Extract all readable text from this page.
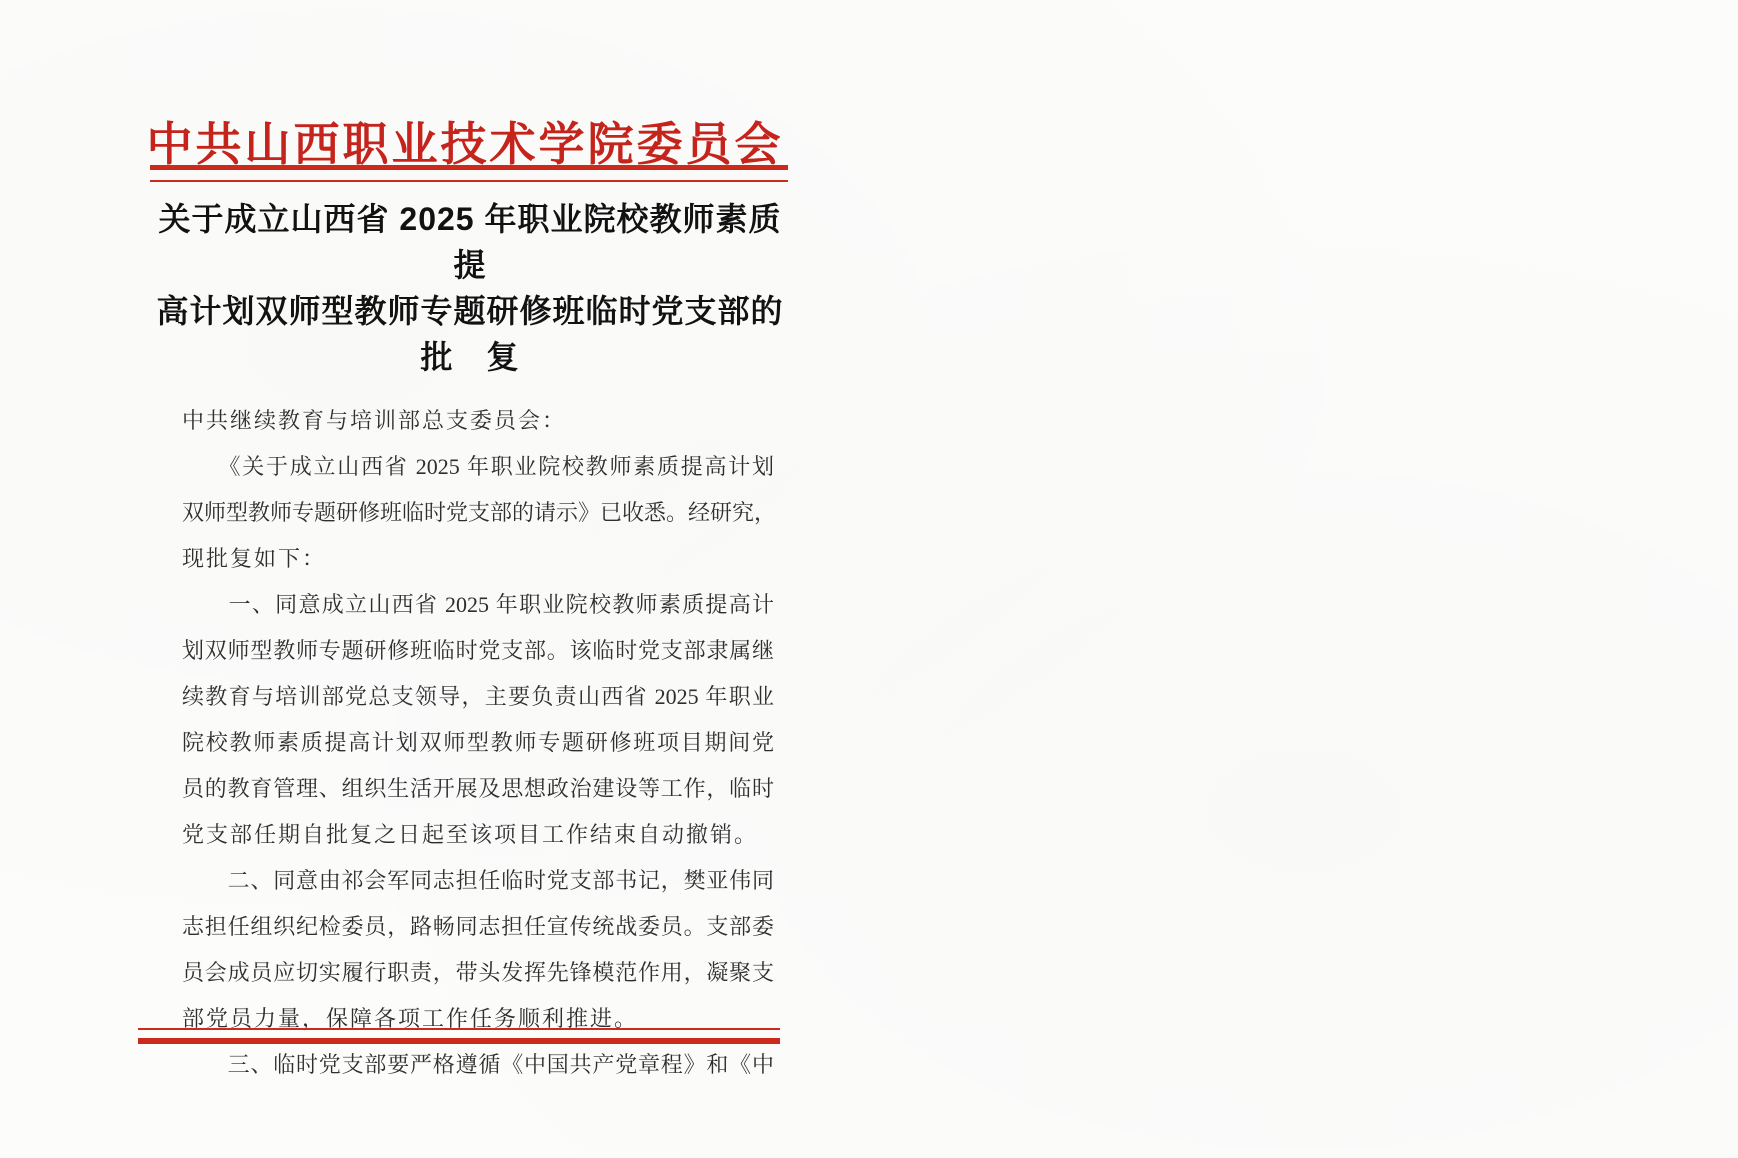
中共山西职业技术学院委员会
关于成立山西省 2025 年职业院校教师素质提
高计划双师型教师专题研修班临时党支部的
批　复
中共继续教育与培训部总支委员会：
　　《关于成立山西省 2025 年职业院校教师素质提高计划
双师型教师专题研修班临时党支部的请示》已收悉。经研究，
现批复如下：
　　一、同意成立山西省 2025 年职业院校教师素质提高计
划双师型教师专题研修班临时党支部。该临时党支部隶属继
续教育与培训部党总支领导，主要负责山西省 2025 年职业
院校教师素质提高计划双师型教师专题研修班项目期间党
员的教育管理、组织生活开展及思想政治建设等工作，临时
党支部任期自批复之日起至该项目工作结束自动撤销。
　　二、同意由祁会军同志担任临时党支部书记，樊亚伟同
志担任组织纪检委员，路畅同志担任宣传统战委员。支部委
员会成员应切实履行职责，带头发挥先锋模范作用，凝聚支
部党员力量，保障各项工作任务顺利推进。
　　三、临时党支部要严格遵循《中国共产党章程》和《中
